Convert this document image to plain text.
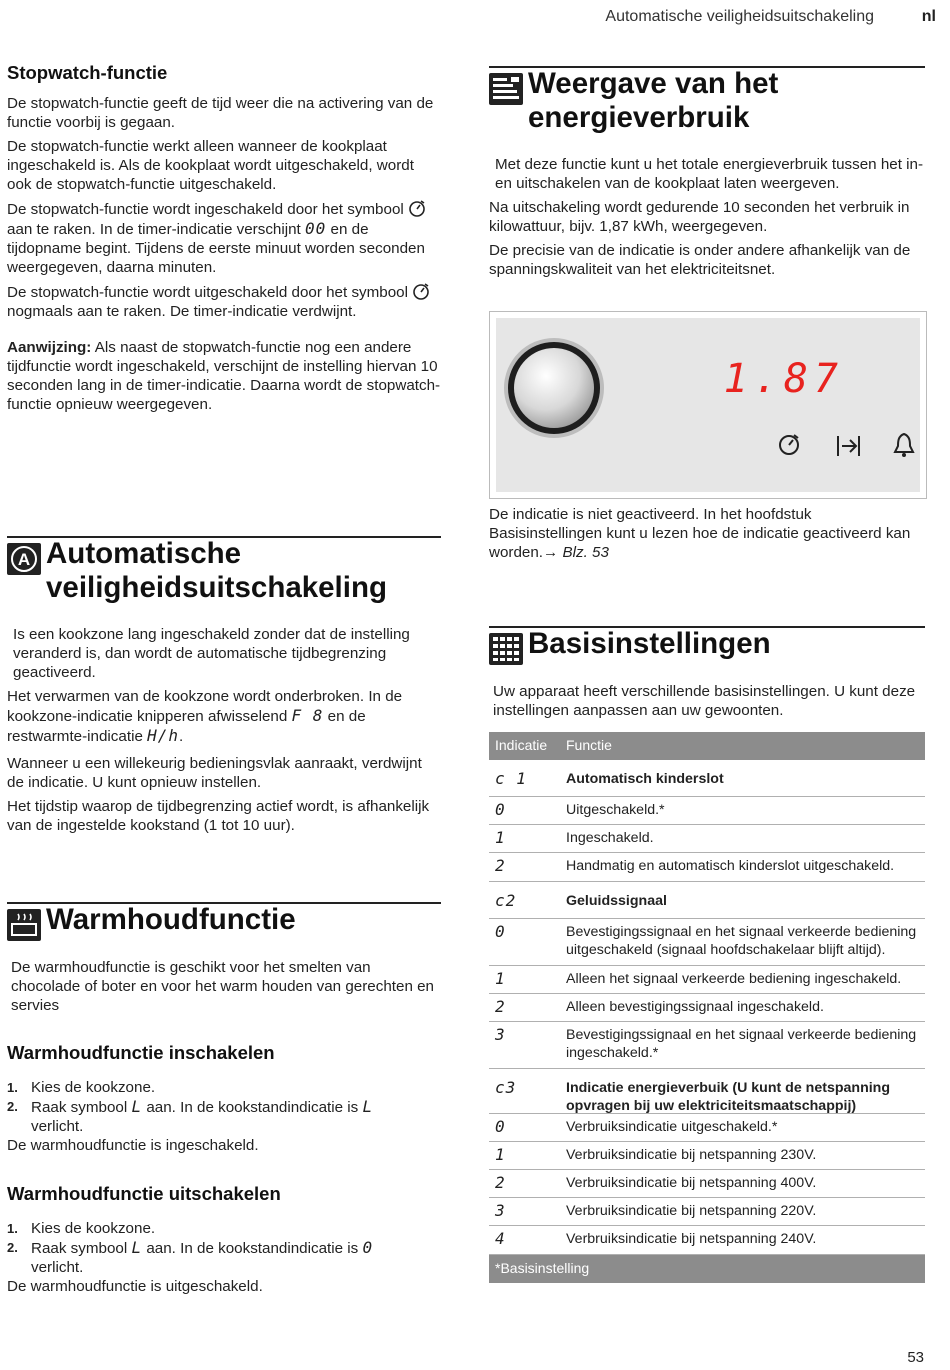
Automatische veiligheidsuitschakeling	nl
Stopwatch-functie

De stopwatch-functie geeft de tijd weer die na activering van de functie voorbij is gegaan.

De stopwatch-functie werkt alleen wanneer de kookplaat ingeschakeld is. Als de kookplaat wordt uitgeschakeld, wordt ook de stopwatch-functie uitgeschakeld.

De stopwatch-functie wordt ingeschakeld door het symbool  aan te raken. In de timer-indicatie verschijnt 00 en de tijdopname begint. Tijdens de eerste minuut worden seconden weergegeven, daarna minuten.

De stopwatch-functie wordt uitgeschakeld door het symbool  nogmaals aan te raken. De timer-indicatie verdwijnt.

Aanwijzing: Als naast de stopwatch-functie nog een andere tijdfunctie wordt ingeschakeld, verschijnt de instelling hiervan 10 seconden lang in de timer-indicatie. Daarna wordt de stopwatch-functie opnieuw weergegeven.

A Automatische veiligheidsuitschakeling

Is een kookzone lang ingeschakeld zonder dat de instelling veranderd is, dan wordt de automatische tijdbegrenzing geactiveerd.

Het verwarmen van de kookzone wordt onderbroken. In de kookzone-indicatie knipperen afwisselend F 8 en de restwarmte-indicatie H/h.

Wanneer u een willekeurig bedieningsvlak aanraakt, verdwijnt de indicatie. U kunt opnieuw instellen.

Het tijdstip waarop de tijdbegrenzing actief wordt, is afhankelijk van de ingestelde kookstand (1 tot 10 uur).

Warmhoudfunctie

De warmhoudfunctie is geschikt voor het smelten van chocolade of boter en voor het warm houden van gerechten en servies

Warmhoudfunctie inschakelen
1. Kies de kookzone.
2. Raak symbool L aan. In de kookstandindicatie is L
verlicht.

De warmhoudfunctie is ingeschakeld.

Warmhoudfunctie uitschakelen
1. Kies de kookzone.
2. Raak symbool L aan. In de kookstandindicatie is 0
verlicht.

De warmhoudfunctie is uitgeschakeld.

Weergave van het energieverbruik

Met deze functie kunt u het totale energieverbruik tussen het in- en uitschakelen van de kookplaat laten weergeven.

Na uitschakeling wordt gedurende 10 seconden het verbruik in kilowattuur, bijv. 1,87 kWh, weergegeven.

De precisie van de indicatie is onder andere afhankelijk van de spanningskwaliteit van het elektriciteitsnet.

1.87

De indicatie is niet geactiveerd. In het hoofdstuk Basisinstellingen kunt u lezen hoe de indicatie geactiveerd kan worden.→ Blz. 53

Basisinstellingen

Uw apparaat heeft verschillende basisinstellingen. U kunt deze instellingen aanpassen aan uw gewoonten.

Indicatie Functie
c 1	Automatisch kinderslot
0	Uitgeschakeld.*
1	Ingeschakeld.
2	Handmatig en automatisch kinderslot uitgeschakeld.
c2	Geluidssignaal
0	Bevestigingssignaal en het signaal verkeerde bediening uitgeschakeld (signaal hoofdschakelaar blijft altijd).
1	Alleen het signaal verkeerde bediening ingeschakeld.
2	Alleen bevestigingssignaal ingeschakeld.
3	Bevestigingssignaal en het signaal verkeerde bediening ingeschakeld.*
c3	Indicatie energieverbuik (U kunt de netspanning opvragen bij uw elektriciteitsmaatschappij)
0	Verbruiksindicatie uitgeschakeld.*
1	Verbruiksindicatie bij netspanning 230V.
2	Verbruiksindicatie bij netspanning 400V.
3	Verbruiksindicatie bij netspanning 220V.
4	Verbruiksindicatie bij netspanning 240V.
*Basisinstelling
53
